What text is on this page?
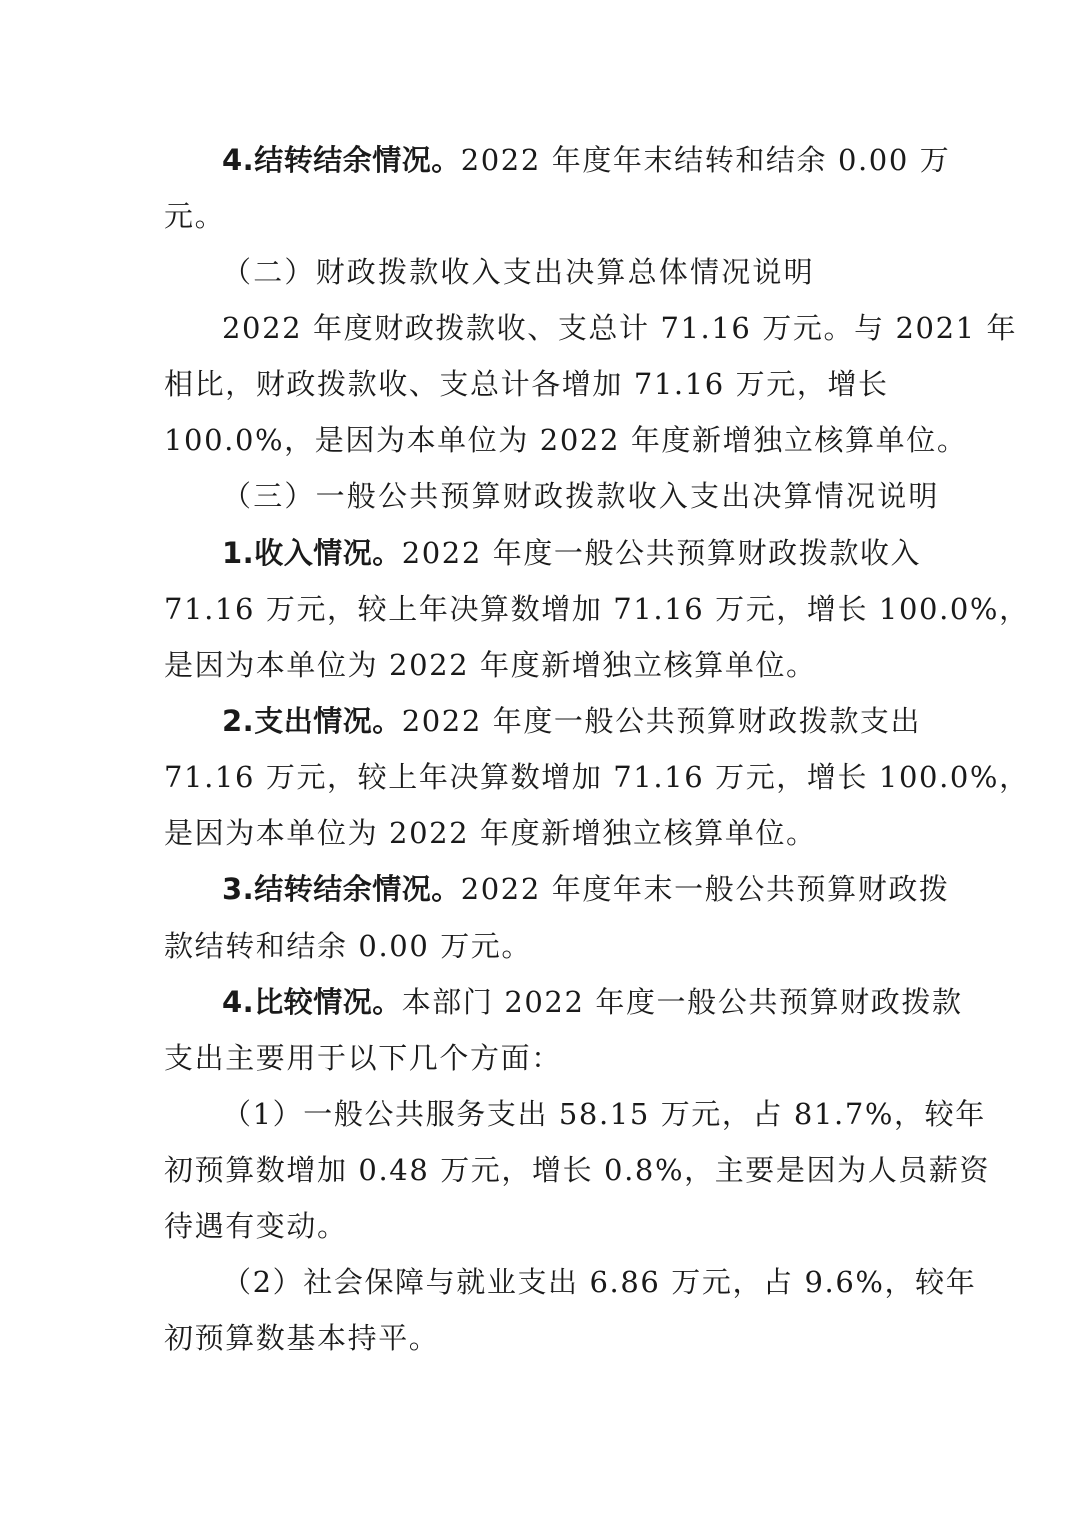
4.结转结余情况。2022 年度年末结转和结余 0.00 万
元。
（二）财政拨款收入支出决算总体情况说明
2022 年度财政拨款收、支总计 71.16 万元。与 2021 年
相比，财政拨款收、支总计各增加 71.16 万元，增长
100.0%，是因为本单位为 2022 年度新增独立核算单位。
（三）一般公共预算财政拨款收入支出决算情况说明
1.收入情况。2022 年度一般公共预算财政拨款收入
71.16 万元，较上年决算数增加 71.16 万元，增长 100.0%，
是因为本单位为 2022 年度新增独立核算单位。
2.支出情况。2022 年度一般公共预算财政拨款支出
71.16 万元，较上年决算数增加 71.16 万元，增长 100.0%，
是因为本单位为 2022 年度新增独立核算单位。
3.结转结余情况。2022 年度年末一般公共预算财政拨
款结转和结余 0.00 万元。
4.比较情况。本部门 2022 年度一般公共预算财政拨款
支出主要用于以下几个方面：
（1）一般公共服务支出 58.15 万元，占 81.7%，较年
初预算数增加 0.48 万元，增长 0.8%，主要是因为人员薪资
待遇有变动。
（2）社会保障与就业支出 6.86 万元，占 9.6%，较年
初预算数基本持平。
